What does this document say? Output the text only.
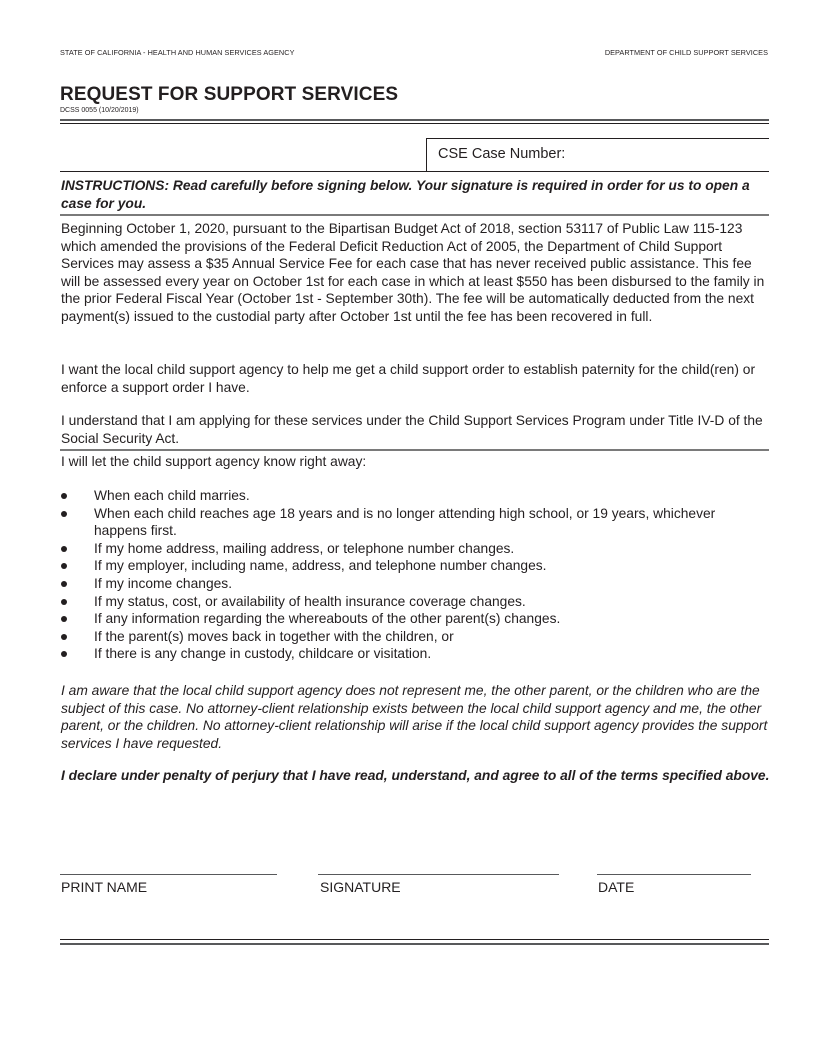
STATE OF CALIFORNIA - HEALTH AND HUMAN SERVICES AGENCY	DEPARTMENT OF CHILD SUPPORT SERVICES
REQUEST FOR SUPPORT SERVICES
DCSS 0055 (10/20/2019)
CSE Case Number:
INSTRUCTIONS: Read carefully before signing below. Your signature is required in order for us to open a case for you.

Beginning October 1, 2020, pursuant to the Bipartisan Budget Act of 2018, section 53117 of Public Law 115-123 which amended the provisions of the Federal Deficit Reduction Act of 2005, the Department of Child Support Services may assess a $35 Annual Service Fee for each case that has never received public assistance. This fee will be assessed every year on October 1st for each case in which at least $550 has been disbursed to the family in the prior Federal Fiscal Year (October 1st - September 30th). The fee will be automatically deducted from the next payment(s) issued to the custodial party after October 1st until the fee has been recovered in full.

I want the local child support agency to help me get a child support order to establish paternity for the child(ren) or enforce a support order I have.

I understand that I am applying for these services under the Child Support Services Program under Title IV-D of the Social Security Act.

I will let the child support agency know right away:

When each child marries.
When each child reaches age 18 years and is no longer attending high school, or 19 years, whichever happens first.
If my home address, mailing address, or telephone number changes.
If my employer, including name, address, and telephone number changes.
If my income changes.
If my status, cost, or availability of health insurance coverage changes.
If any information regarding the whereabouts of the other parent(s) changes.
If the parent(s) moves back in together with the children, or
If there is any change in custody, childcare or visitation.

I am aware that the local child support agency does not represent me, the other parent, or the children who are the subject of this case. No attorney-client relationship exists between the local child support agency and me, the other parent, or the children. No attorney-client relationship will arise if the local child support agency provides the support services I have requested.

I declare under penalty of perjury that I have read, understand, and agree to all of the terms specified above.

PRINT NAME	SIGNATURE	DATE
